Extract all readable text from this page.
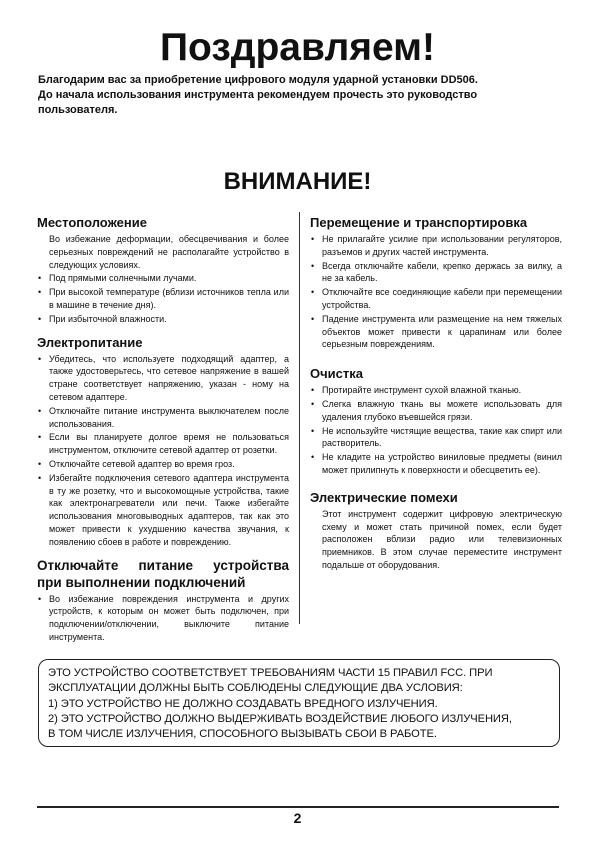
Поздравляем!
Благодарим вас за приобретение цифрового модуля ударной установки DD506.
До начала использования инструмента рекомендуем прочесть это руководство
пользователя.
ВНИМАНИЕ!
Местоположение

Во избежание деформации, обесцвечивания и более серьезных повреждений не располагайте устройство в следующих условиях.

• Под прямыми солнечными лучами.
• При высокой температуре (вблизи источников тепла или в машине в течение дня).
• При избыточной влажности.
Электропитание
• Убедитесь, что используете подходящий адаптер, а также удостоверьтесь, что сетевое напряжение в вашей стране соответствует напряжению, указан - ному на сетевом адаптере.
• Отключайте питание инструмента выключателем после использования.
• Если вы планируете долгое время не пользоваться инструментом, отключите сетевой адаптер от розетки.
• Отключайте сетевой адаптер во время гроз.
• Избегайте подключения сетевого адаптера инструмента в ту же розетку, что и высокомощные устройства, такие как электронагреватели или печи. Также избегайте использования многовыводных адаптеров, так как это может привести к ухудшению качества звучания, к появлению сбоев в работе и повреждению.
Отключайте питание устройства
при выполнении подключений
• Во избежание повреждения инструмента и других устройств, к которым он может быть подключен, при подключении/отключении, выключите питание инструмента.
Перемещение и транспортировка
• Не прилагайте усилие при использовании регуляторов, разъемов и других частей инструмента.
• Всегда отключайте кабели, крепко держась за вилку, а не за кабель.
• Отключайте все соединяющие кабели при перемещении устройства.
• Падение инструмента или размещение на нем тяжелых объектов может привести к царапинам или более серьезным повреждениям.
Очистка
• Протирайте инструмент сухой влажной тканью.
• Слегка влажную ткань вы можете использовать для удаления глубоко въевшейся грязи.
• Не используйте чистящие вещества, такие как спирт или растворитель.
• Не кладите на устройство виниловые предметы (винил может прилипнуть к поверхности и обесцветить ее).
Электрические помехи

Этот инструмент содержит цифровую электрическую схему и может стать причиной помех, если будет расположен вблизи радио или телевизионных приемников. В этом случае переместите инструмент подальше от оборудования.

ЭТО УСТРОЙСТВО СООТВЕТСТВУЕТ ТРЕБОВАНИЯМ ЧАСТИ 15 ПРАВИЛ FCC. ПРИ
ЭКСПЛУАТАЦИИ ДОЛЖНЫ БЫТЬ СОБЛЮДЕНЫ СЛЕДУЮЩИЕ ДВА УСЛОВИЯ:
1) ЭТО УСТРОЙСТВО НЕ ДОЛЖНО СОЗДАВАТЬ ВРЕДНОГО ИЗЛУЧЕНИЯ.
2) ЭТО УСТРОЙСТВО ДОЛЖНО ВЫДЕРЖИВАТЬ ВОЗДЕЙСТВИЕ ЛЮБОГО ИЗЛУЧЕНИЯ,
В ТОМ ЧИСЛЕ ИЗЛУЧЕНИЯ, СПОСОБНОГО ВЫЗЫВАТЬ СБОИ В РАБОТЕ.
2
